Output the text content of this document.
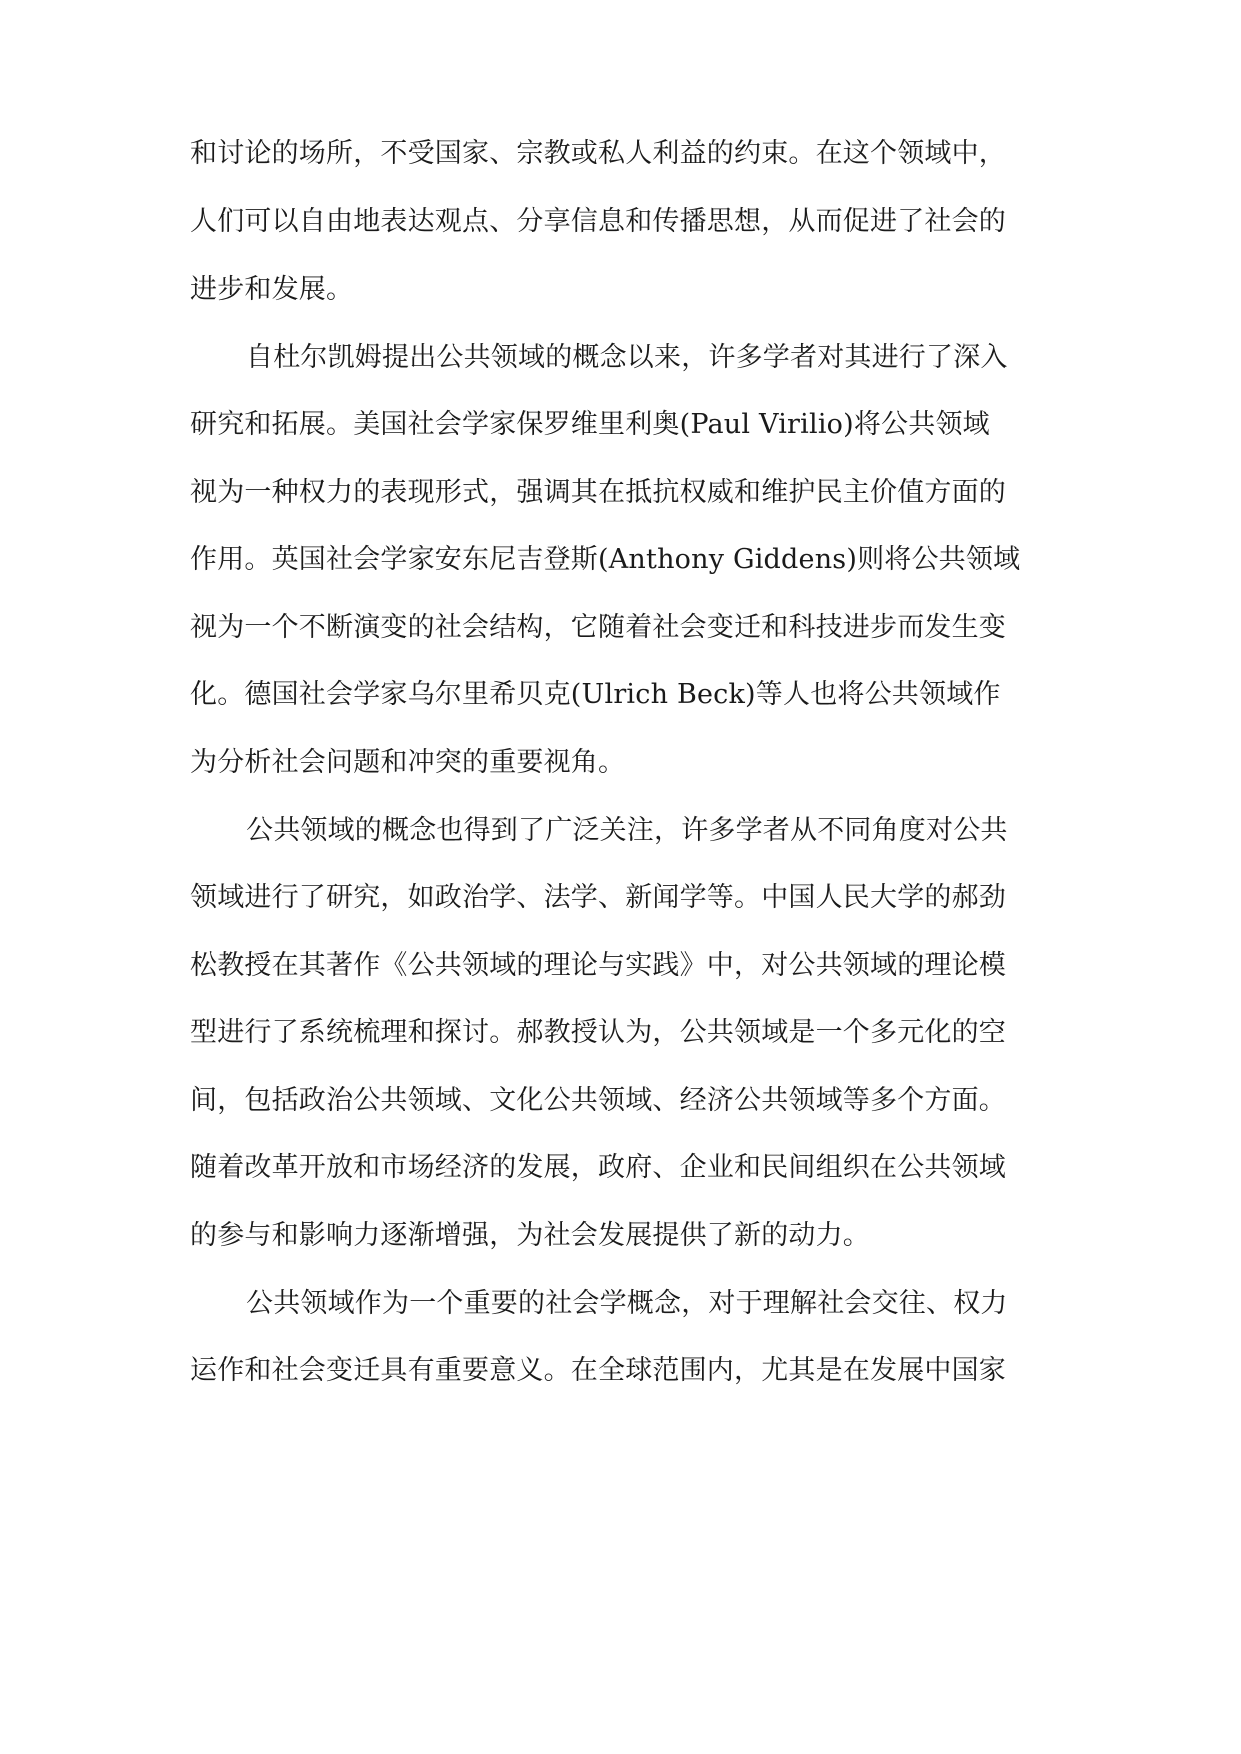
和讨论的场所，不受国家、宗教或私人利益的约束。在这个领域中，
人们可以自由地表达观点、分享信息和传播思想，从而促进了社会的
进步和发展。
自杜尔凯姆提出公共领域的概念以来，许多学者对其进行了深入
研究和拓展。美国社会学家保罗维里利奥(Paul Virilio)将公共领域
视为一种权力的表现形式，强调其在抵抗权威和维护民主价值方面的
作用。英国社会学家安东尼吉登斯(Anthony Giddens)则将公共领域
视为一个不断演变的社会结构，它随着社会变迁和科技进步而发生变
化。德国社会学家乌尔里希贝克(Ulrich Beck)等人也将公共领域作
为分析社会问题和冲突的重要视角。
公共领域的概念也得到了广泛关注，许多学者从不同角度对公共
领域进行了研究，如政治学、法学、新闻学等。中国人民大学的郝劲
松教授在其著作《公共领域的理论与实践》中，对公共领域的理论模
型进行了系统梳理和探讨。郝教授认为，公共领域是一个多元化的空
间，包括政治公共领域、文化公共领域、经济公共领域等多个方面。
随着改革开放和市场经济的发展，政府、企业和民间组织在公共领域
的参与和影响力逐渐增强，为社会发展提供了新的动力。
公共领域作为一个重要的社会学概念，对于理解社会交往、权力
运作和社会变迁具有重要意义。在全球范围内，尤其是在发展中国家
